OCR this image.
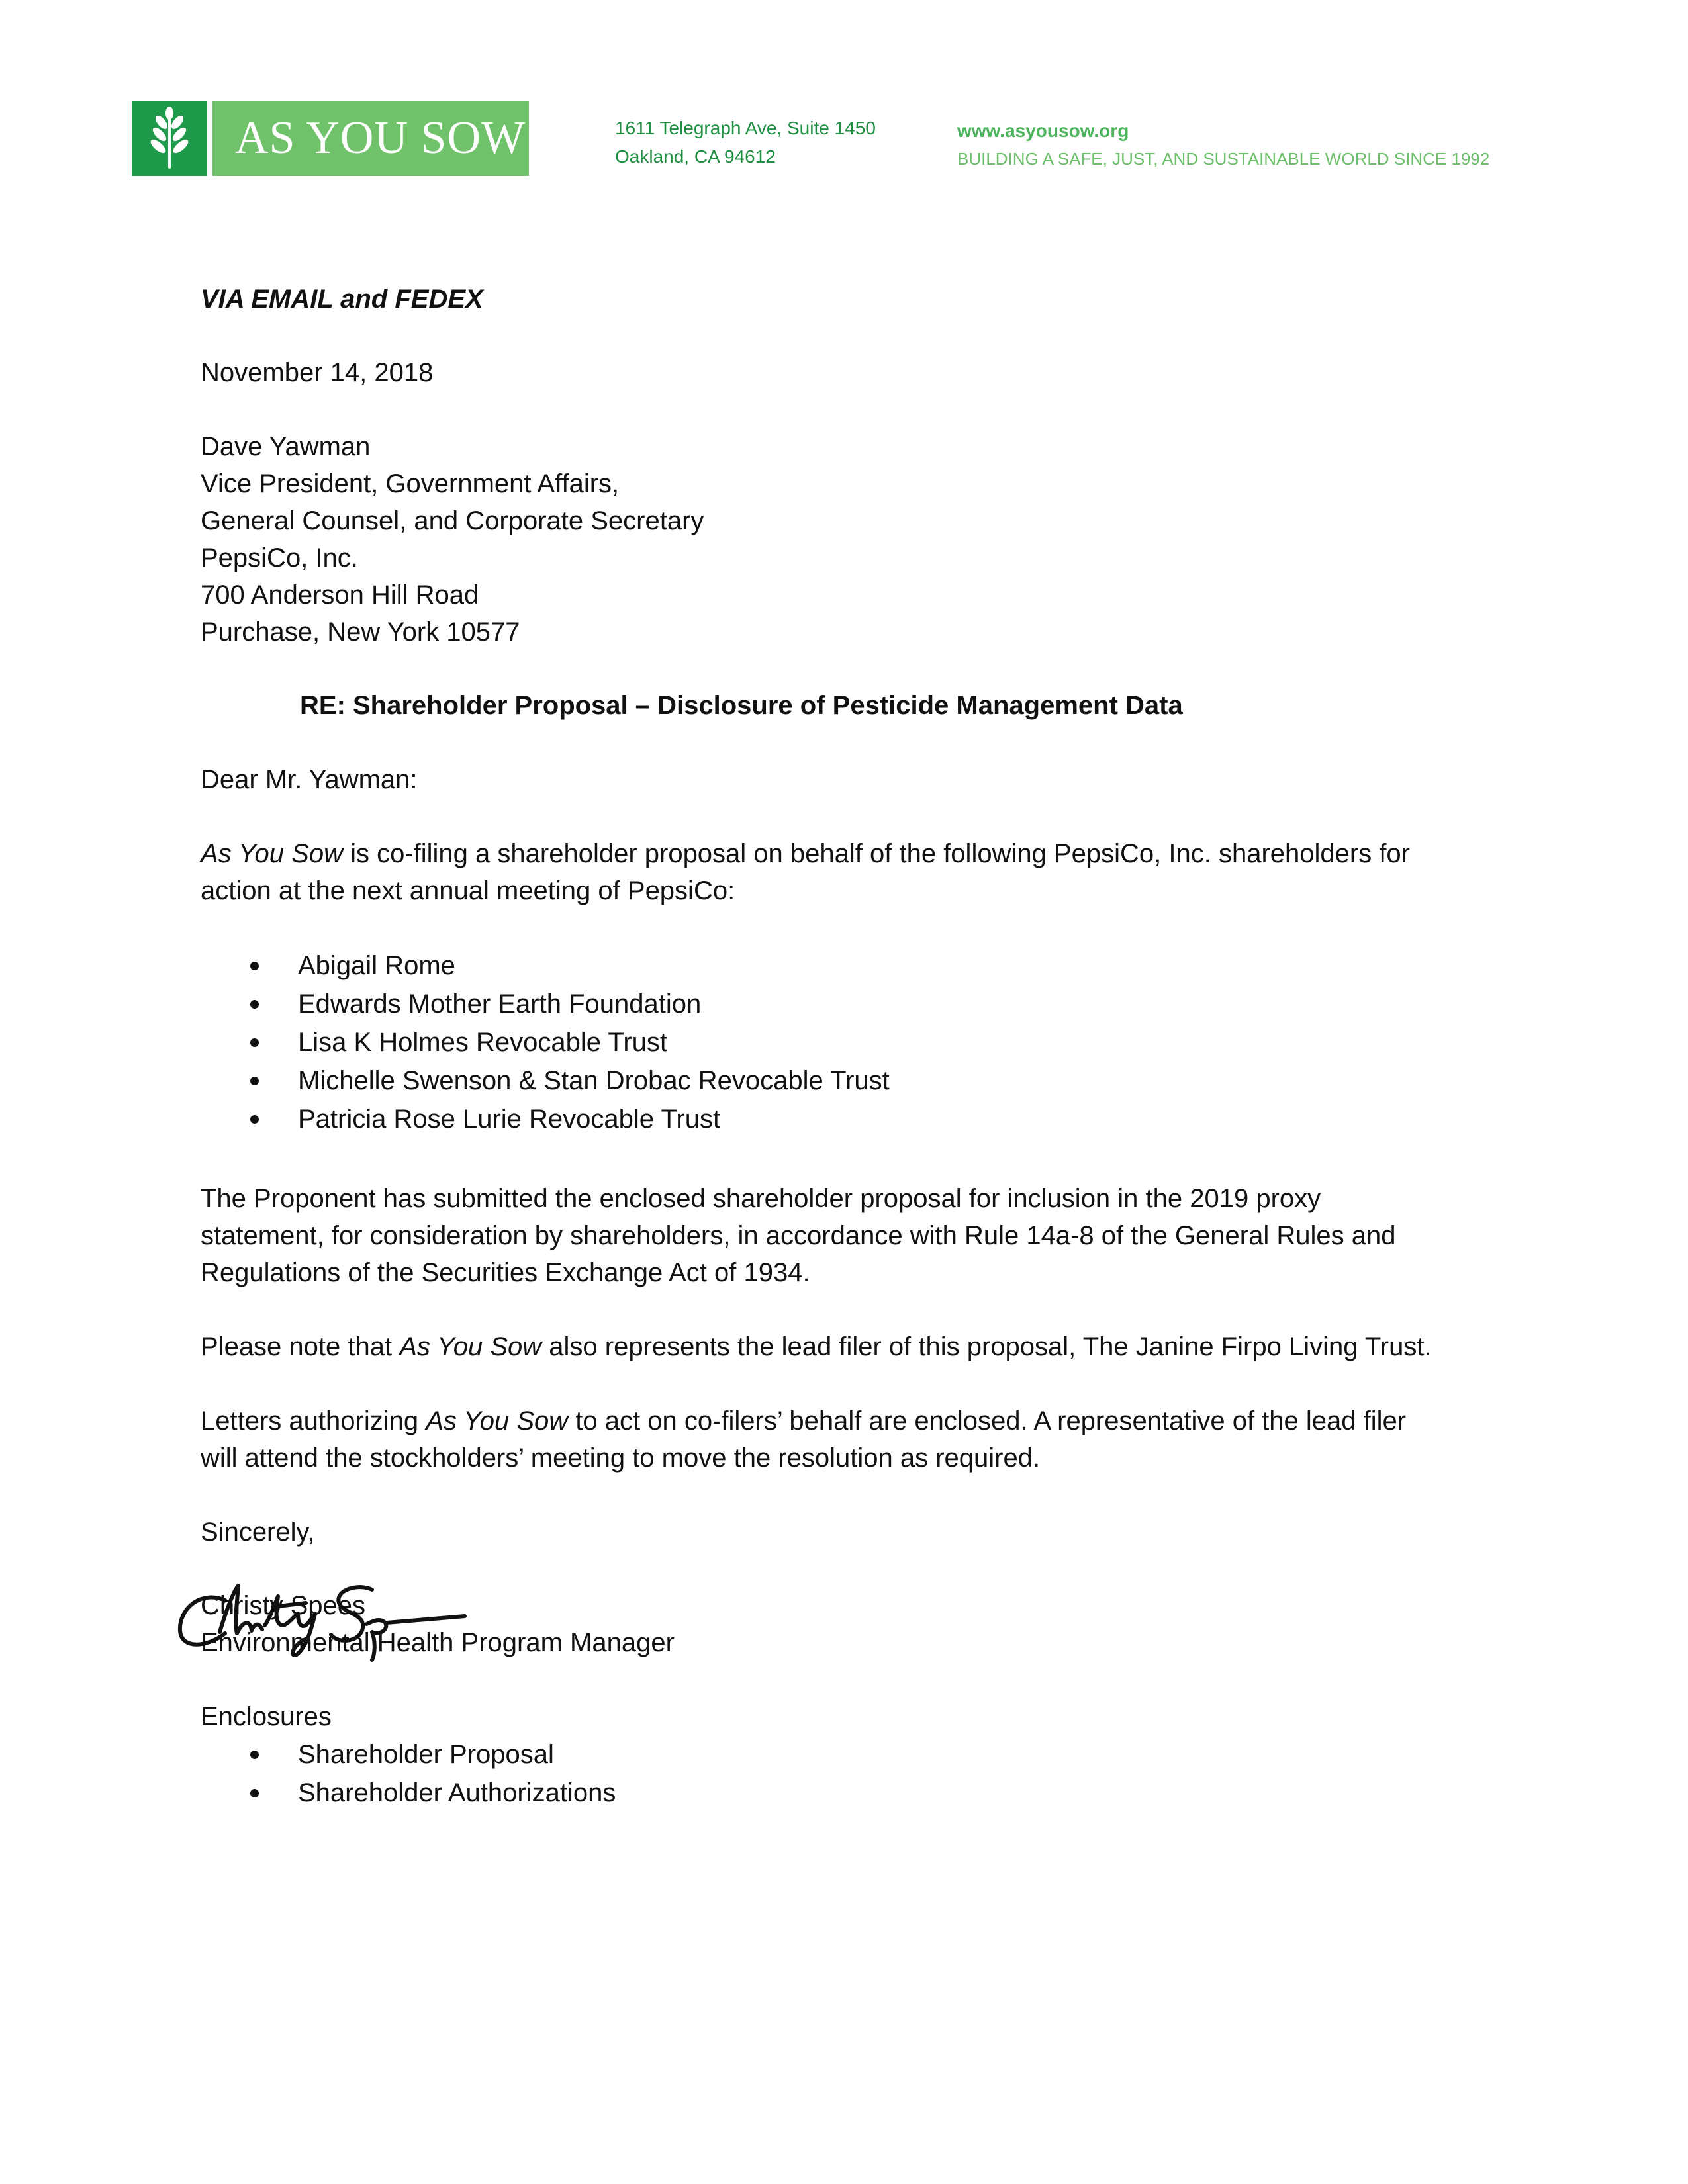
AS YOU SOW	1611 Telegraph Ave, Suite 1450
Oakland, CA 94612
www.asyousow.org
BUILDING A SAFE, JUST, AND SUSTAINABLE WORLD SINCE 1992
VIA EMAIL and FEDEX
November 14, 2018
Dave Yawman
Vice President, Government Affairs,
General Counsel, and Corporate Secretary
PepsiCo, Inc.
700 Anderson Hill Road
Purchase, New York 10577
RE: Shareholder Proposal – Disclosure of Pesticide Management Data
Dear Mr. Yawman:
As You Sow is co-filing a shareholder proposal on behalf of the following PepsiCo, Inc. shareholders for
action at the next annual meeting of PepsiCo:
Abigail Rome
Edwards Mother Earth Foundation
Lisa K Holmes Revocable Trust
Michelle Swenson & Stan Drobac Revocable Trust
Patricia Rose Lurie Revocable Trust
The Proponent has submitted the enclosed shareholder proposal for inclusion in the 2019 proxy
statement, for consideration by shareholders, in accordance with Rule 14a-8 of the General Rules and
Regulations of the Securities Exchange Act of 1934.
Please note that As You Sow also represents the lead filer of this proposal, The Janine Firpo Living Trust.
Letters authorizing As You Sow to act on co-filers’ behalf are enclosed. A representative of the lead filer
will attend the stockholders’ meeting to move the resolution as required.
Sincerely,
Christy Spees
Environmental Health Program Manager
Enclosures
Shareholder Proposal
Shareholder Authorizations
